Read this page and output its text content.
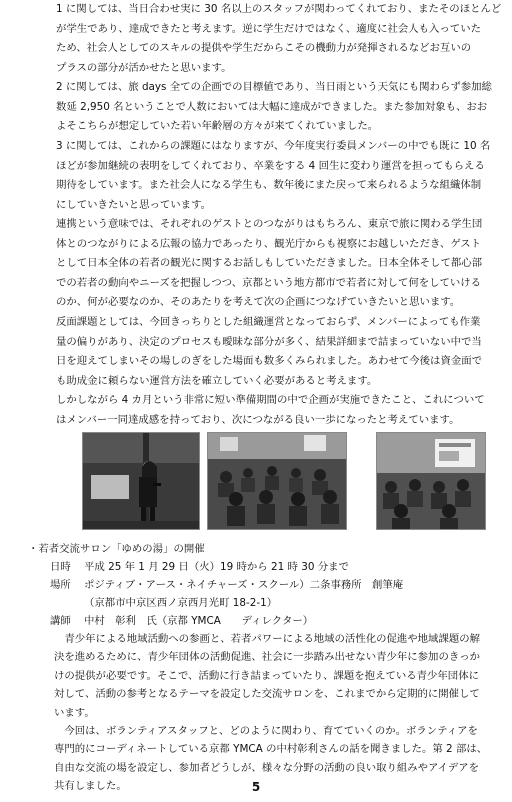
1 に関しては、当日合わせ実に 30 名以上のスタッフが関わってくれており、またそのほとんど
が学生であり、達成できたと考えます。逆に学生だけではなく、適度に社会人も入っていた
ため、社会人としてのスキルの提供や学生だからこその機動力が発揮されるなどお互いの
プラスの部分が活かせたと思います。

2 に関しては、旅 days 全ての企画での目標値であり、当日雨という天気にも関わらず参加総
数延 2,950 名ということで人数においては大幅に達成ができました。また参加対象も、おお
よそこちらが想定していた若い年齢層の方々が来てくれていました。

3 に関しては、これからの課題にはなりますが、今年度実行委員メンバーの中でも既に 10 名
ほどが参加継続の表明をしてくれており、卒業をする 4 回生に変わり運営を担ってもらえる
期待をしています。また社会人になる学生も、数年後にまた戻って来られるような組織体制
にしていきたいと思っています。

連携という意味では、それぞれのゲストとのつながりはもちろん、東京で旅に関わる学生団
体とのつながりによる広報の協力であったり、観光庁からも視察にお越しいただき、ゲスト
として日本全体の若者の観光に関するお話しもしていただきました。日本全体そして都心部
での若者の動向やニーズを把握しつつ、京都という地方都市で若者に対して何をしていける
のか、何が必要なのか、そのあたりを考えて次の企画につなげていきたいと思います。

反面課題としては、今回きっちりとした組織運営となっておらず、メンバーによっても作業
量の偏りがあり、決定のプロセスも曖昧な部分が多く、結果詳細まで詰まっていない中で当
日を迎えてしまいその場しのぎをした場面も数多くみられました。あわせて今後は資金面で
も助成金に頼らない運営方法を確立していく必要があると考えます。

しかしながら 4 カ月という非常に短い準備期間の中で企画が実施できたこと、これについて
はメンバー一同達成感を持っており、次につながる良い一歩になったと考えています。

・若者交流サロン「ゆめの湯」の開催
日時 平成 25 年 1 月 29 日（火）19 時から 21 時 30 分まで
場所 ポジティブ・アース・ネイチャーズ・スクール）二条事務所　創筆庵
（京都市中京区西ノ京西月光町 18-2-1）
講師 中村　彰利　氏（京都 YMCA　　ディレクター）

　青少年による地域活動への参画と、若者パワーによる地域の活性化の促進や地域課題の解
決を進めるために、青少年団体の活動促進、社会に一歩踏み出せない青少年に参加のきっか
けの提供が必要です。そこで、活動に行き詰まっていたり、課題を抱えている青少年団体に
対して、活動の参考となるテーマを設定した交流サロンを、これまでから定期的に開催して
います。

　今回は、ボランティアスタッフと、どのように関わり、育てていくのか。ボランティアを
専門的にコーディネートしている京都 YMCA の中村彰利さんの話を聞きました。第 2 部は、
自由な交流の場を設定し、参加者どうしが、様々な分野の活動の良い取り組みやアイデアを
共有しました。	5
